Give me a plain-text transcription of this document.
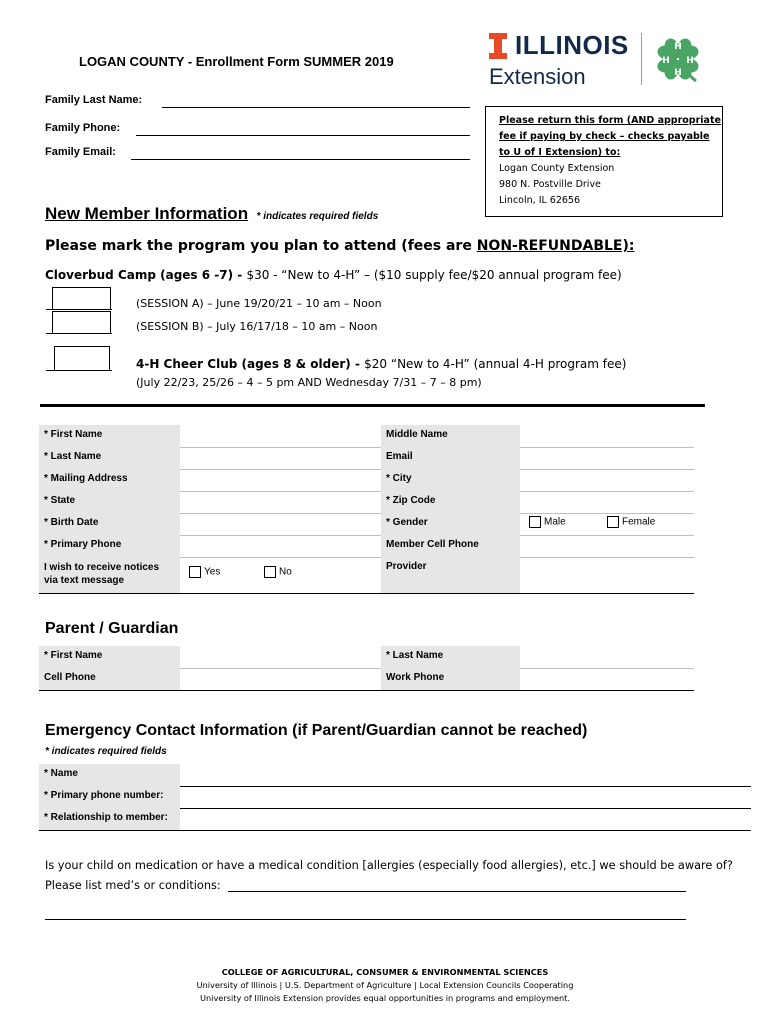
LOGAN COUNTY - Enrollment Form SUMMER 2019
ILLINOIS
Extension
H
H
H
H
Family Last Name:
Family Phone:
Family Email:
Please return this form (AND appropriate
fee if paying by check – checks payable
to U of I Extension) to:
Logan County Extension
980 N. Postville Drive
Lincoln, IL 62656
New Member Information * indicates required fields
Please mark the program you plan to attend (fees are NON-REFUNDABLE):
Cloverbud Camp (ages 6 -7) - $30 - “New to 4-H” – ($10 supply fee/$20 annual program fee)
(SESSION A) – June 19/20/21 – 10 am – Noon
(SESSION B) – July 16/17/18 – 10 am – Noon
4-H Cheer Club (ages 8 & older) - $20 “New to 4-H” (annual 4-H program fee)
(July 22/23, 25/26 – 4 – 5 pm AND Wednesday 7/31 – 7 – 8 pm)
* First Name	Middle Name
* Last Name	Email
* Mailing Address	* City
* State	* Zip Code
* Birth Date	* Gender	Male	Female
* Primary Phone	Member Cell Phone
I wish to receive notices
via text message
Yes	No
Provider
Parent / Guardian
* First Name	* Last Name
Cell Phone	Work Phone
Emergency Contact Information (if Parent/Guardian cannot be reached)
* indicates required fields
* Name
* Primary phone number:
* Relationship to member:
Is your child on medication or have a medical condition [allergies (especially food allergies), etc.] we should be aware of?
Please list med’s or conditions:
COLLEGE OF AGRICULTURAL, CONSUMER & ENVIRONMENTAL SCIENCES
University of Illinois | U.S. Department of Agriculture | Local Extension Councils Cooperating
University of Illinois Extension provides equal opportunities in programs and employment.
